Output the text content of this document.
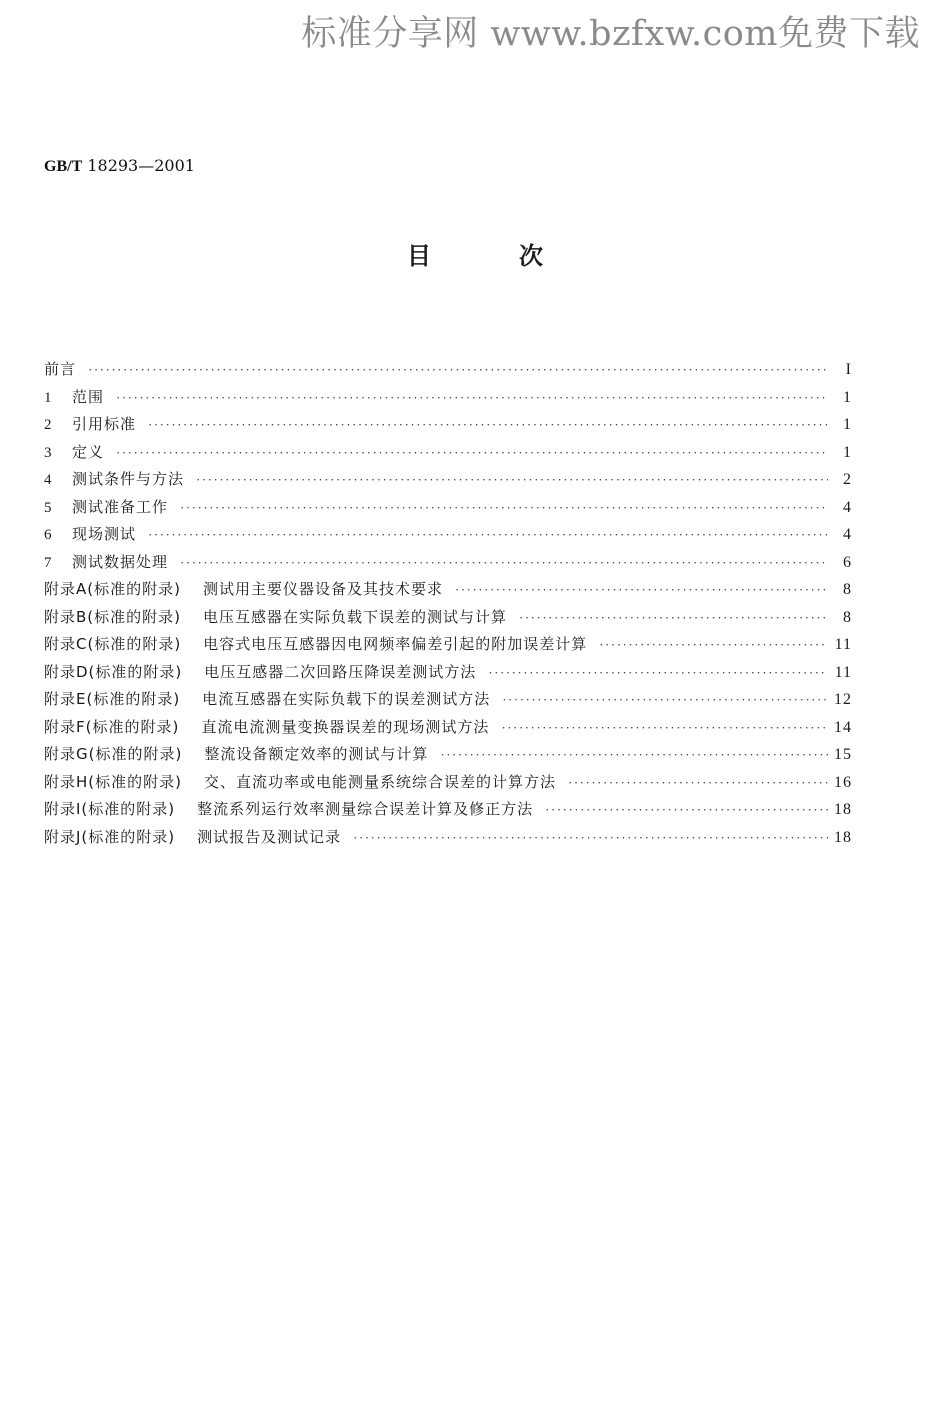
标准分享网 www.bzfxw.com免费下载
GB/T 18293—2001
目	次
前言 ·····	I
1	范围 ·····	1
2	引用标准 ·····	1
3	定义 ·····	1
4	测试条件与方法 ·····	2
5	测试准备工作 ·····	4
6	现场测试 ·····	4
7	测试数据处理 ·····	6
附录A(标准的附录) 测试用主要仪器设备及其技术要求 ·····	8
附录B(标准的附录) 电压互感器在实际负载下误差的测试与计算 ·····	8
附录C(标准的附录) 电容式电压互感器因电网频率偏差引起的附加误差计算 ·····	11
附录D(标准的附录) 电压互感器二次回路压降误差测试方法 ·····	11
附录E(标准的附录) 电流互感器在实际负载下的误差测试方法 ·····	12
附录F(标准的附录) 直流电流测量变换器误差的现场测试方法 ·····	14
附录G(标准的附录) 整流设备额定效率的测试与计算 ·····	15
附录H(标准的附录) 交、直流功率或电能测量系统综合误差的计算方法 ·····	16
附录I(标准的附录) 整流系列运行效率测量综合误差计算及修正方法 ·····	18
附录J(标准的附录) 测试报告及测试记录 ·····	18
